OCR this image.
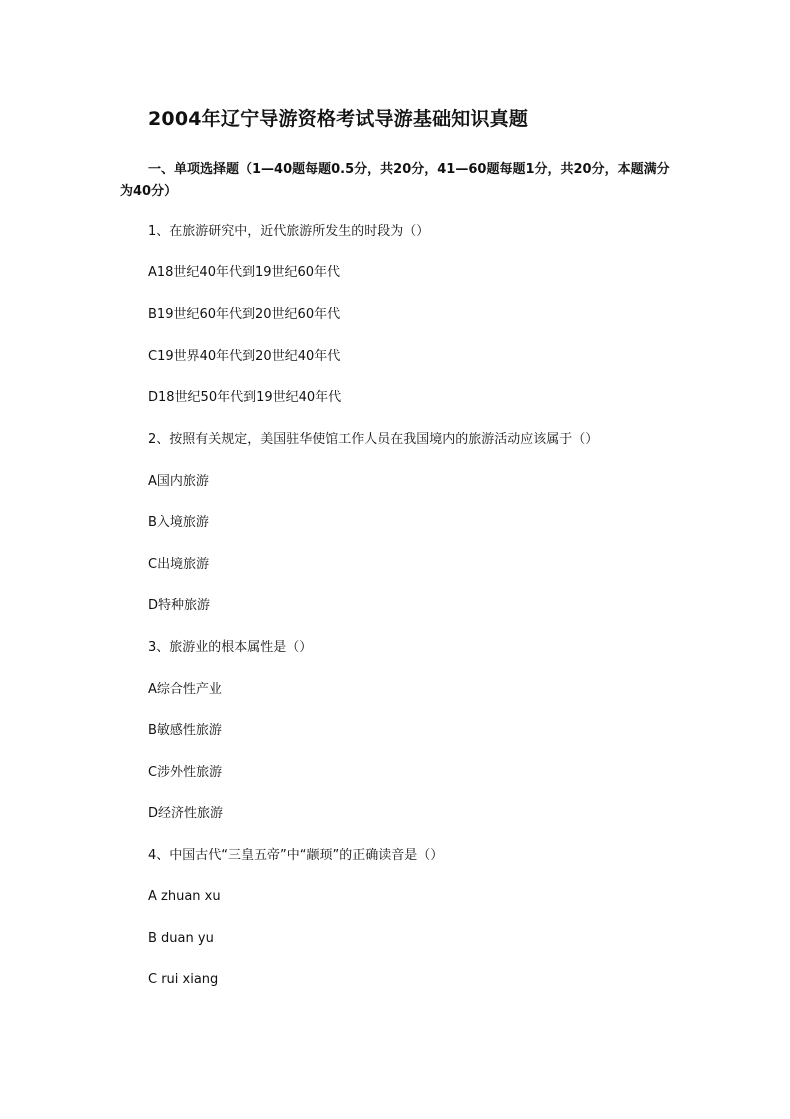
2004年辽宁导游资格考试导游基础知识真题
一、单项选择题（1—40题每题0.5分，共20分，41—60题每题1分，共20分，本题满分为40分）
1、在旅游研究中，近代旅游所发生的时段为（）
A18世纪40年代到19世纪60年代
B19世纪60年代到20世纪60年代
C19世界40年代到20世纪40年代
D18世纪50年代到19世纪40年代
2、按照有关规定，美国驻华使馆工作人员在我国境内的旅游活动应该属于（）
A国内旅游
B入境旅游
C出境旅游
D特种旅游
3、旅游业的根本属性是（）
A综合性产业
B敏感性旅游
C涉外性旅游
D经济性旅游
4、中国古代“三皇五帝”中“颛顼”的正确读音是（）
A zhuan xu
B duan yu
C rui xiang
